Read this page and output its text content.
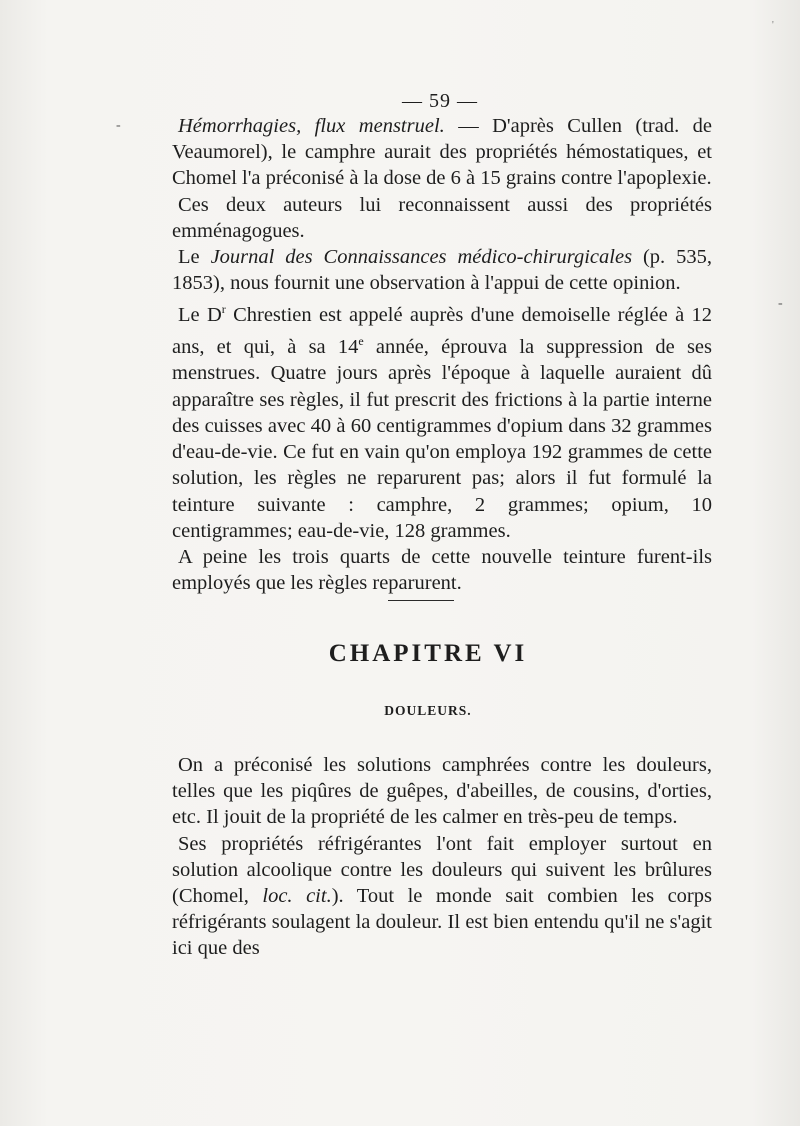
'
-
-
— 59 —

Hémorrhagies, flux menstruel. — D'après Cullen (trad. de Veaumorel), le camphre aurait des propriétés hémostatiques, et Chomel l'a préconisé à la dose de 6 à 15 grains contre l'apoplexie.

Ces deux auteurs lui reconnaissent aussi des propriétés emménagogues.

Le Journal des Connaissances médico-chirurgicales (p. 535, 1853), nous fournit une observation à l'appui de cette opinion.

Le $D^r$ Chrestien est appelé auprès d'une demoiselle réglée à 12 ans, et qui, à sa 14e année, éprouva la suppression de ses menstrues. Quatre jours après l'époque à laquelle auraient dû apparaître ses règles, il fut prescrit des frictions à la partie interne des cuisses avec 40 à 60 centigrammes d'opium dans 32 grammes d'eau-de-vie. Ce fut en vain qu'on employa 192 grammes de cette solution, les règles ne reparurent pas; alors il fut formulé la teinture suivante : camphre, 2 grammes; opium, 10 centigrammes; eau-de-vie, 128 grammes.

A peine les trois quarts de cette nouvelle teinture furent-ils employés que les règles reparurent.

CHAPITRE VI
DOULEURS.

On a préconisé les solutions camphrées contre les douleurs, telles que les piqûres de guêpes, d'abeilles, de cousins, d'orties, etc. Il jouit de la propriété de les calmer en très-peu de temps.

Ses propriétés réfrigérantes l'ont fait employer surtout en solution alcoolique contre les douleurs qui suivent les brûlures (Chomel, loc. cit.). Tout le monde sait combien les corps réfrigérants soulagent la douleur. Il est bien entendu qu'il ne s'agit ici que des
